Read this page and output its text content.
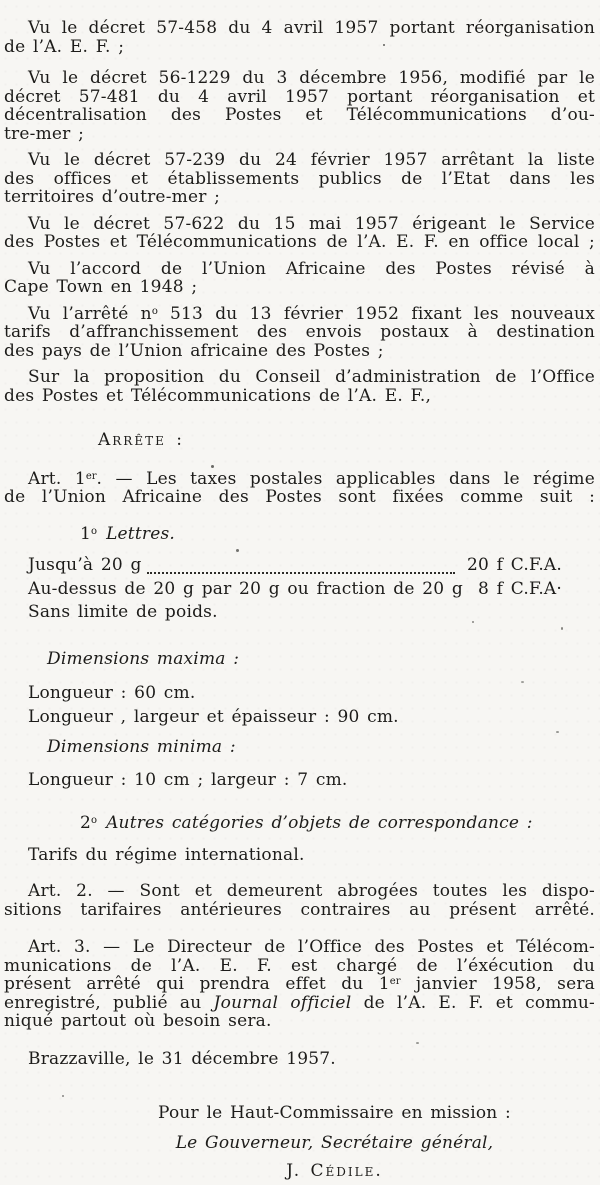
Vu le décret 57-458 du 4 avril 1957 portant réorganisation
de l’A. E. F. ;
Vu le décret 56-1229 du 3 décembre 1956, modifié par le
décret 57-481 du 4 avril 1957 portant réorganisation et
décentralisation des Postes et Télécommunications d’ou-
tre-mer ;
Vu le décret 57-239 du 24 février 1957 arrêtant la liste
des offices et établissements publics de l’Etat dans les
territoires d’outre-mer ;
Vu le décret 57-622 du 15 mai 1957 érigeant le Service
des Postes et Télécommunications de l’A. E. F. en office local ;
Vu l’accord de l’Union Africaine des Postes révisé à
Cape Town en 1948 ;
Vu l’arrêté $n^o$ 513 du 13 février 1952 fixant les nouveaux
tarifs d’affranchissement des envois postaux à destination
des pays de l’Union africaine des Postes ;
Sur la proposition du Conseil d’administration de l’Office
des Postes et Télécommunications de l’A. E. F.,
Arrête :
Art. 1er. — Les taxes postales applicables dans le régime
de l’Union Africaine des Postes sont fixées comme suit :
1$^o$ Lettres.
Jusqu’à 20 g	20 f C.F.A.
Au-dessus de 20 g par 20 g ou fraction de 20 g 8 f C.F.A·
Sans limite de poids.
Dimensions maxima :
Longueur : 60 cm.
Longueur , largeur et épaisseur : 90 cm.
Dimensions minima :
Longueur : 10 cm ; largeur : 7 cm.
2$^o$ Autres catégories d’objets de correspondance :
Tarifs du régime international.
Art. 2. — Sont et demeurent abrogées toutes les dispo-
sitions tarifaires antérieures contraires au présent arrêté.
Art. 3. — Le Directeur de l’Office des Postes et Télécom-
munications de l’A. E. F. est chargé de l’éxécution du
présent arrêté qui prendra effet du 1er janvier 1958, sera
enregistré, publié au Journal officiel de l’A. E. F. et commu-
niqué partout où besoin sera.
Brazzaville, le 31 décembre 1957.
Pour le Haut-Commissaire en mission :
Le Gouverneur, Secrétaire général,
J. Cédile.
